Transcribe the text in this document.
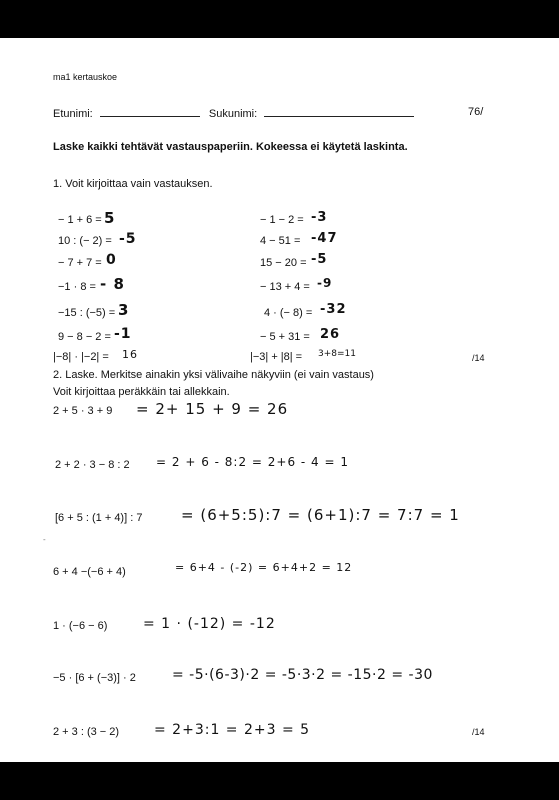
ma1 kertauskoe
Etunimi:	Sukunimi:	76/
Laske kaikki tehtävät vastauspaperiin. Kokeessa ei käytetä laskinta.
1. Voit kirjoittaa vain vastauksen.
− 1 + 6 = 5
10 : (− 2) = -5
− 7 + 7 = 0
−1 · 8 = - 8
−15 : (−5) = 3
9 − 8 − 2 = -1
|−8| · |−2| = 16
− 1 − 2 = -3
4 − 51 = -47
15 − 20 = -5
− 13 + 4 = -9
4 · (− 8) = -32
− 5 + 31 = 26
|−3| + |8| = 3+8=11	/14
2. Laske. Merkitse ainakin yksi välivaihe näkyviin (ei vain vastaus)
Voit kirjoittaa peräkkäin tai allekkain.
2 + 5 · 3 + 9 = 2+ 15 + 9 = 26
2 + 2 · 3 − 8 : 2 = 2 + 6 - 8:2 = 2+6 - 4 = 1
[6 + 5 : (1 + 4)] : 7	= (6+5:5):7 = (6+1):7 = 7:7 = 1
6 + 4 −(−6 + 4)	= 6+4 - (-2) = 6+4+2 = 12
1 · (−6 − 6)	= 1 · (-12) = -12
−5 · [6 + (−3)] · 2	= -5·(6-3)·2 = -5·3·2 = -15·2 = -30
2 + 3 : (3 − 2) = 2+3:1 = 2+3 = 5	/14
-
